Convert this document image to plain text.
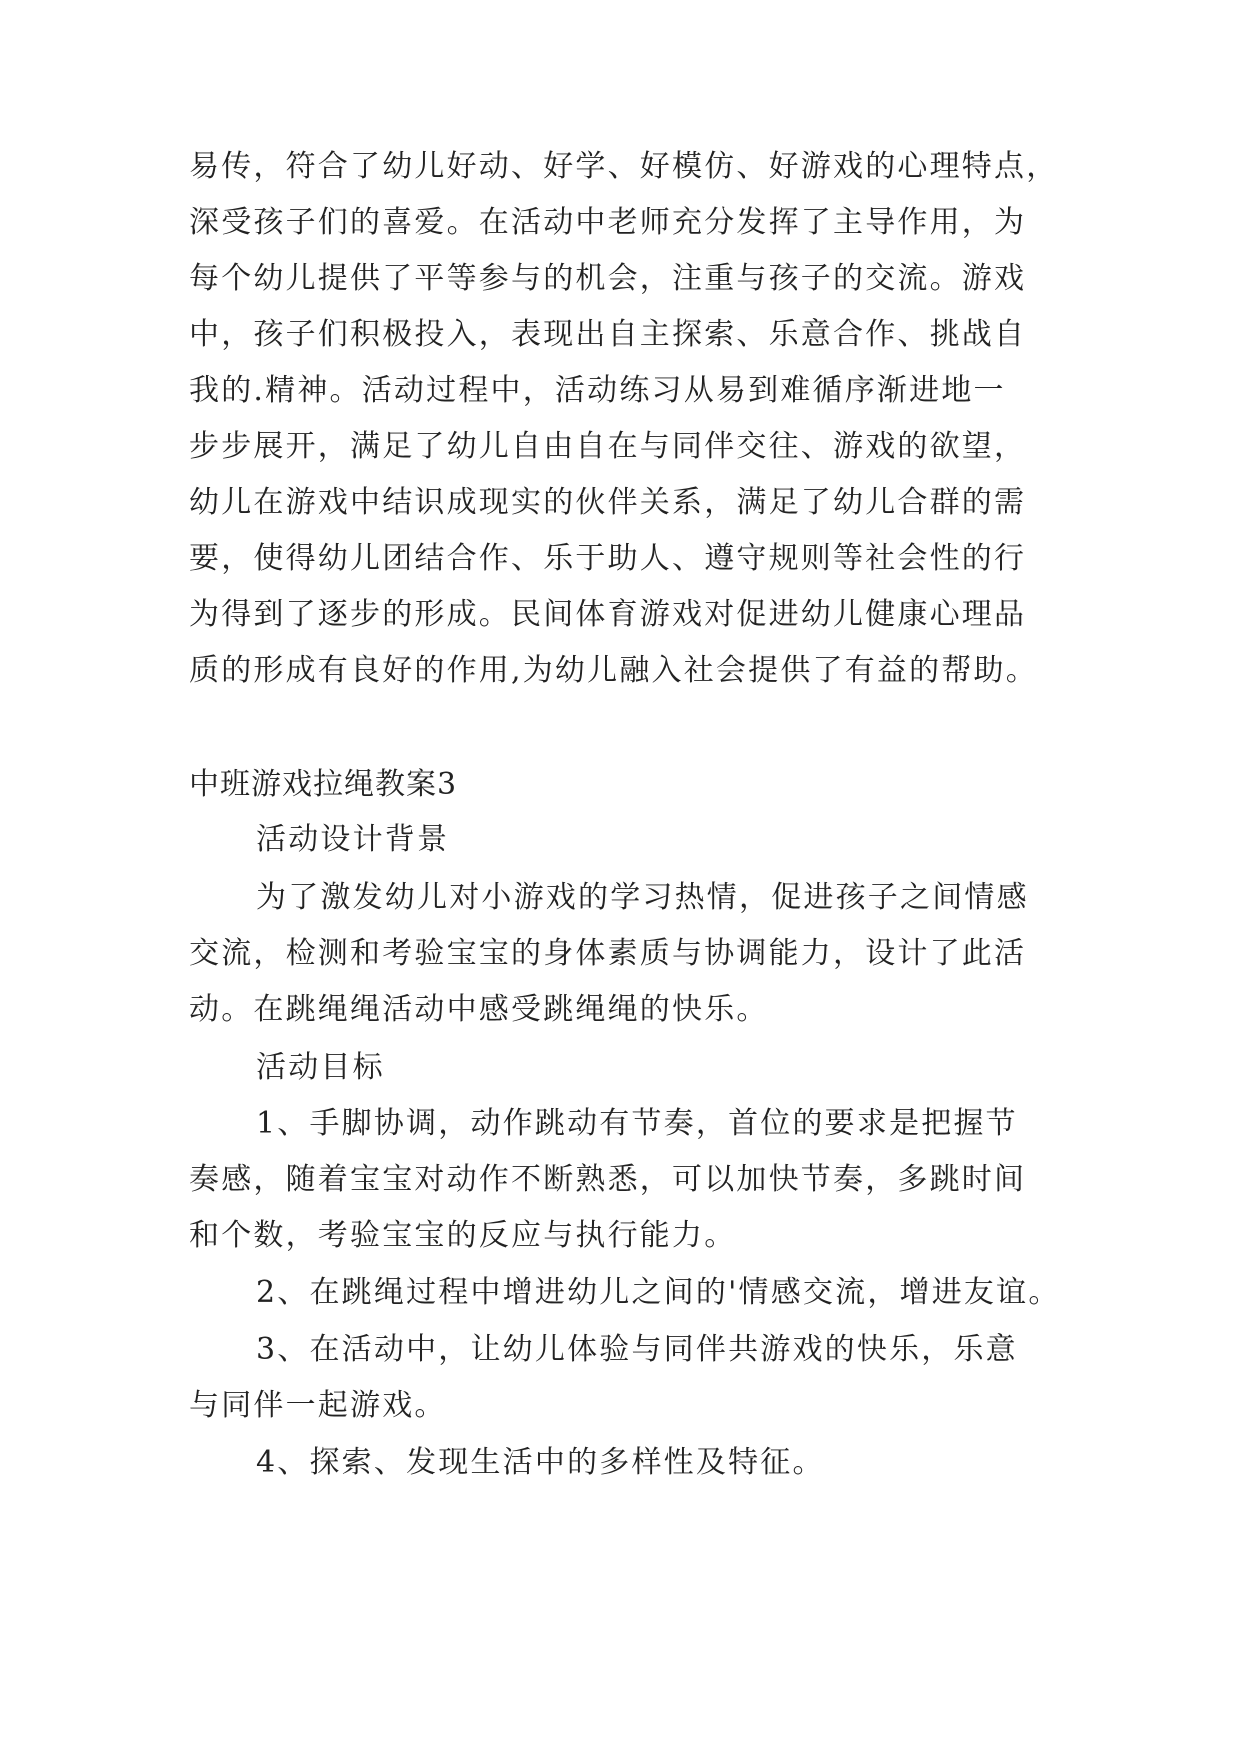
易传，符合了幼儿好动、好学、好模仿、好游戏的心理特点，
深受孩子们的喜爱。在活动中老师充分发挥了主导作用，为
每个幼儿提供了平等参与的机会，注重与孩子的交流。游戏
中，孩子们积极投入，表现出自主探索、乐意合作、挑战自
我的.精神。活动过程中，活动练习从易到难循序渐进地一
步步展开，满足了幼儿自由自在与同伴交往、游戏的欲望，
幼儿在游戏中结识成现实的伙伴关系，满足了幼儿合群的需
要，使得幼儿团结合作、乐于助人、遵守规则等社会性的行
为得到了逐步的形成。民间体育游戏对促进幼儿健康心理品
质的形成有良好的作用,为幼儿融入社会提供了有益的帮助。
中班游戏拉绳教案3
活动设计背景
为了激发幼儿对小游戏的学习热情，促进孩子之间情感
交流，检测和考验宝宝的身体素质与协调能力，设计了此活
动。在跳绳绳活动中感受跳绳绳的快乐。
活动目标
1、手脚协调，动作跳动有节奏，首位的要求是把握节
奏感，随着宝宝对动作不断熟悉，可以加快节奏，多跳时间
和个数，考验宝宝的反应与执行能力。
2、在跳绳过程中增进幼儿之间的'情感交流，增进友谊。
3、在活动中，让幼儿体验与同伴共游戏的快乐，乐意
与同伴一起游戏。
4、探索、发现生活中的多样性及特征。
